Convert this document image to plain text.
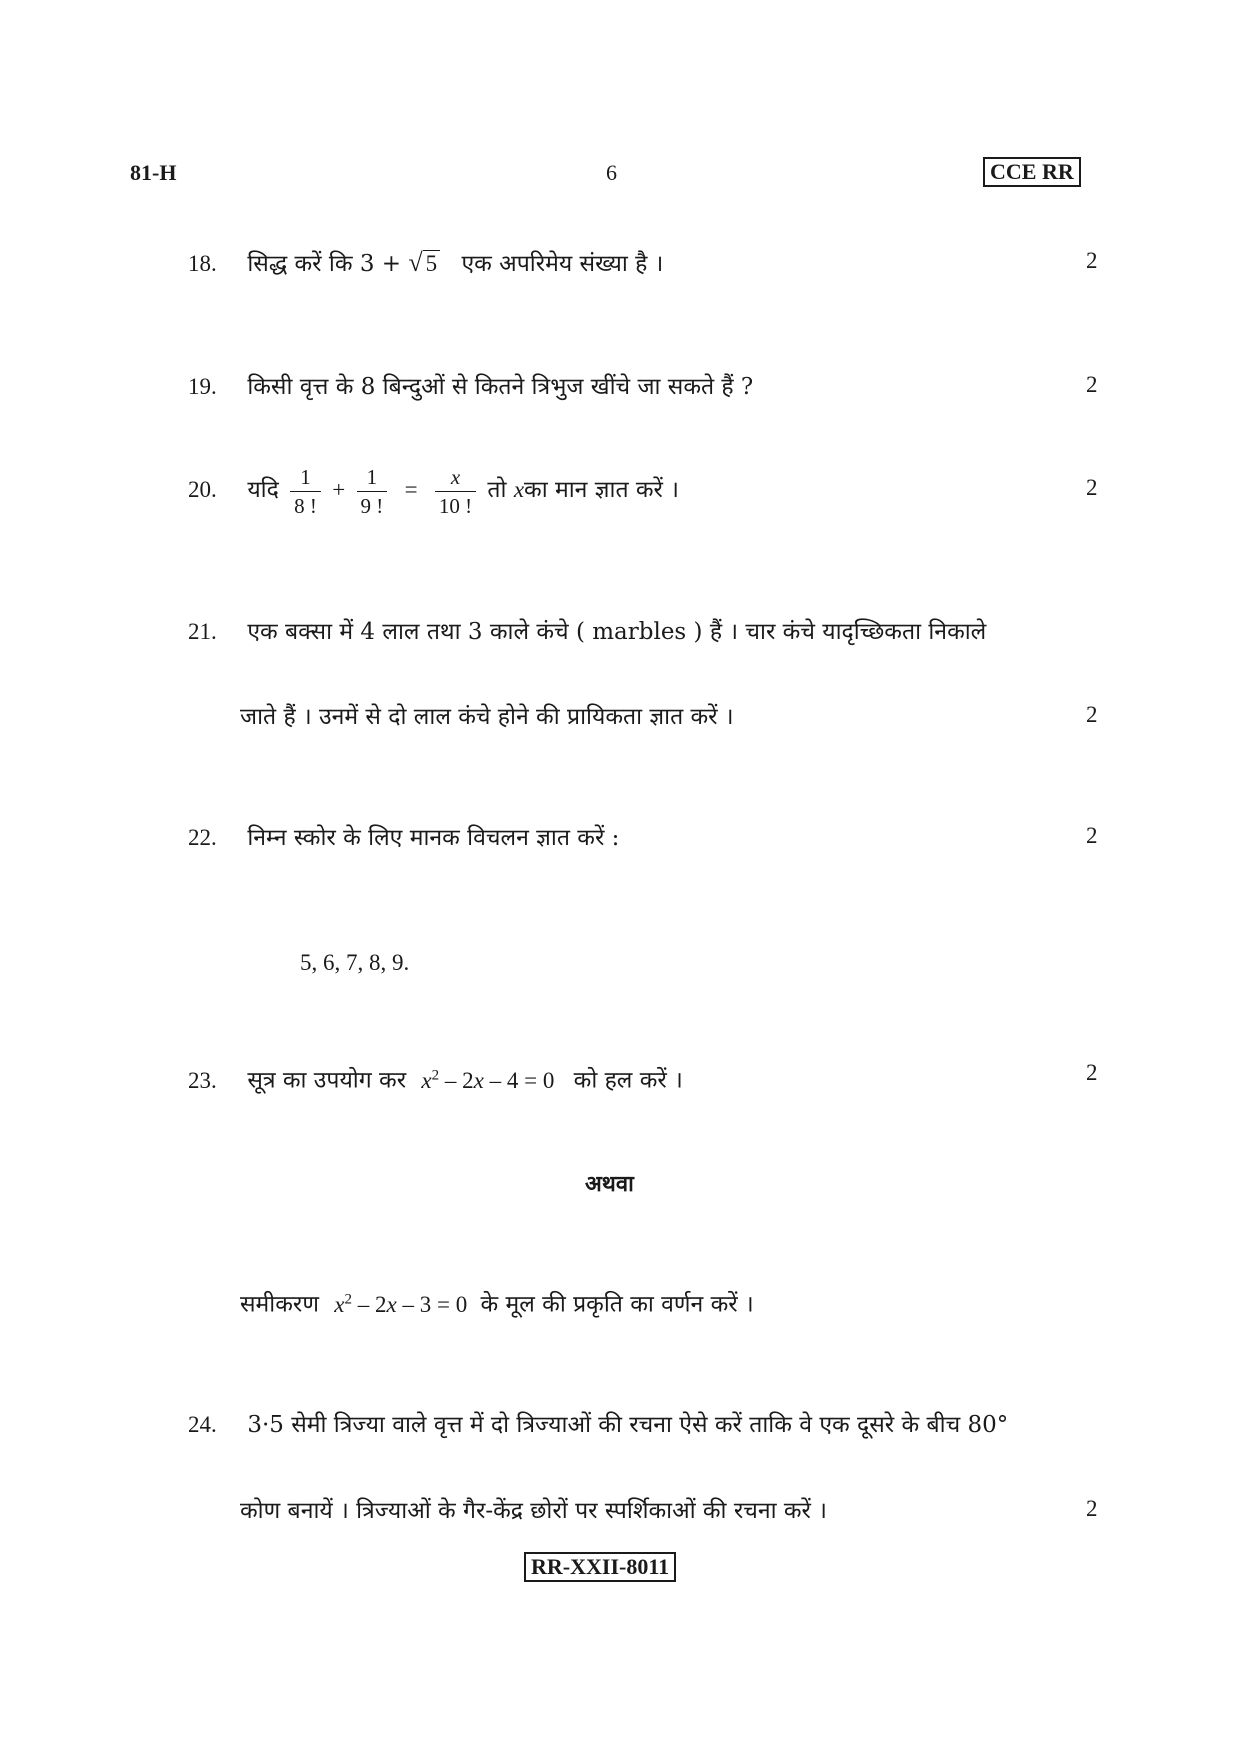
81-H	6	CCE RR
18. सिद्ध करें कि 3 + √ 5 एक अपरिमेय संख्या है ।	2
19. किसी वृत्त के 8 बिन्दुओं से कितने त्रिभुज खींचे जा सकते हैं ?	2
20. यदि $\frac{1}{8 !} + \frac{1}{9 !} = \frac{x}{10 !}$ तो xका मान ज्ञात करें ।	2
21. एक बक्सा में 4 लाल तथा 3 काले कंचे ( marbles ) हैं । चार कंचे यादृच्छिकता निकाले
जाते हैं । उनमें से दो लाल कंचे होने की प्रायिकता ज्ञात करें ।	2
22. निम्न स्कोर के लिए मानक विचलन ज्ञात करें :	2
5, 6, 7, 8, 9.
23. सूत्र का उपयोग कर $x^2 - 2x - 4 = 0$ को हल करें ।	2
अथवा
समीकरण $x^2 - 2x - 3 = 0$ के मूल की प्रकृति का वर्णन करें ।
24. 3·5 सेमी त्रिज्या वाले वृत्त में दो त्रिज्याओं की रचना ऐसे करें ताकि वे एक दूसरे के बीच 80°
कोण बनायें । त्रिज्याओं के गैर-केंद्र छोरों पर स्पर्शिकाओं की रचना करें ।	2
RR-XXII-8011
